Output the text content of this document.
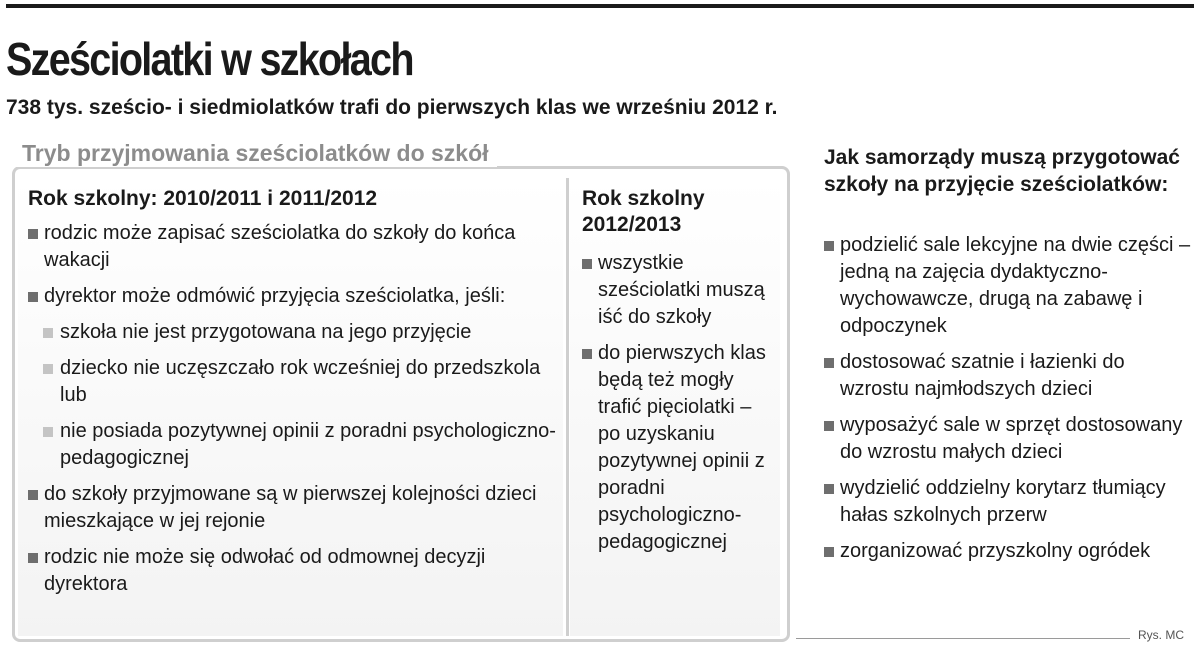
Sześciolatki w szkołach
738 tys. sześcio- i siedmiolatków trafi do pierwszych klas we wrześniu 2012 r.
Tryb przyjmowania sześciolatków do szkół
Rok szkolny: 2010/2011 i 2011/2012
rodzic może zapisać sześciolatka do szkoły do końca wakacji
dyrektor może odmówić przyjęcia sześciolatka, jeśli:
szkoła nie jest przygotowana na jego przyjęcie
dziecko nie uczęszczało rok wcześniej do przedszkola lub
nie posiada pozytywnej opinii z poradni psychologiczno-pedagogicznej
do szkoły przyjmowane są w pierwszej kolejności dzieci mieszkające w jej rejonie
rodzic nie może się odwołać od odmownej decyzji dyrektora
Rok szkolny 2012/2013
wszystkie sześciolatki muszą iść do szkoły
do pierwszych klas będą też mogły trafić pięciolatki – po uzyskaniu pozytywnej opinii z poradni psychologiczno-pedagogicznej
Jak samorządy muszą przygotować szkoły na przyjęcie sześciolatków:
podzielić sale lekcyjne na dwie części – jedną na zajęcia dydaktyczno-wychowawcze, drugą na zabawę i odpoczynek
dostosować szatnie i łazienki do wzrostu najmłodszych dzieci
wyposażyć sale w sprzęt dostosowany do wzrostu małych dzieci
wydzielić oddzielny korytarz tłumiący hałas szkolnych przerw
zorganizować przyszkolny ogródek
Rys. MC
